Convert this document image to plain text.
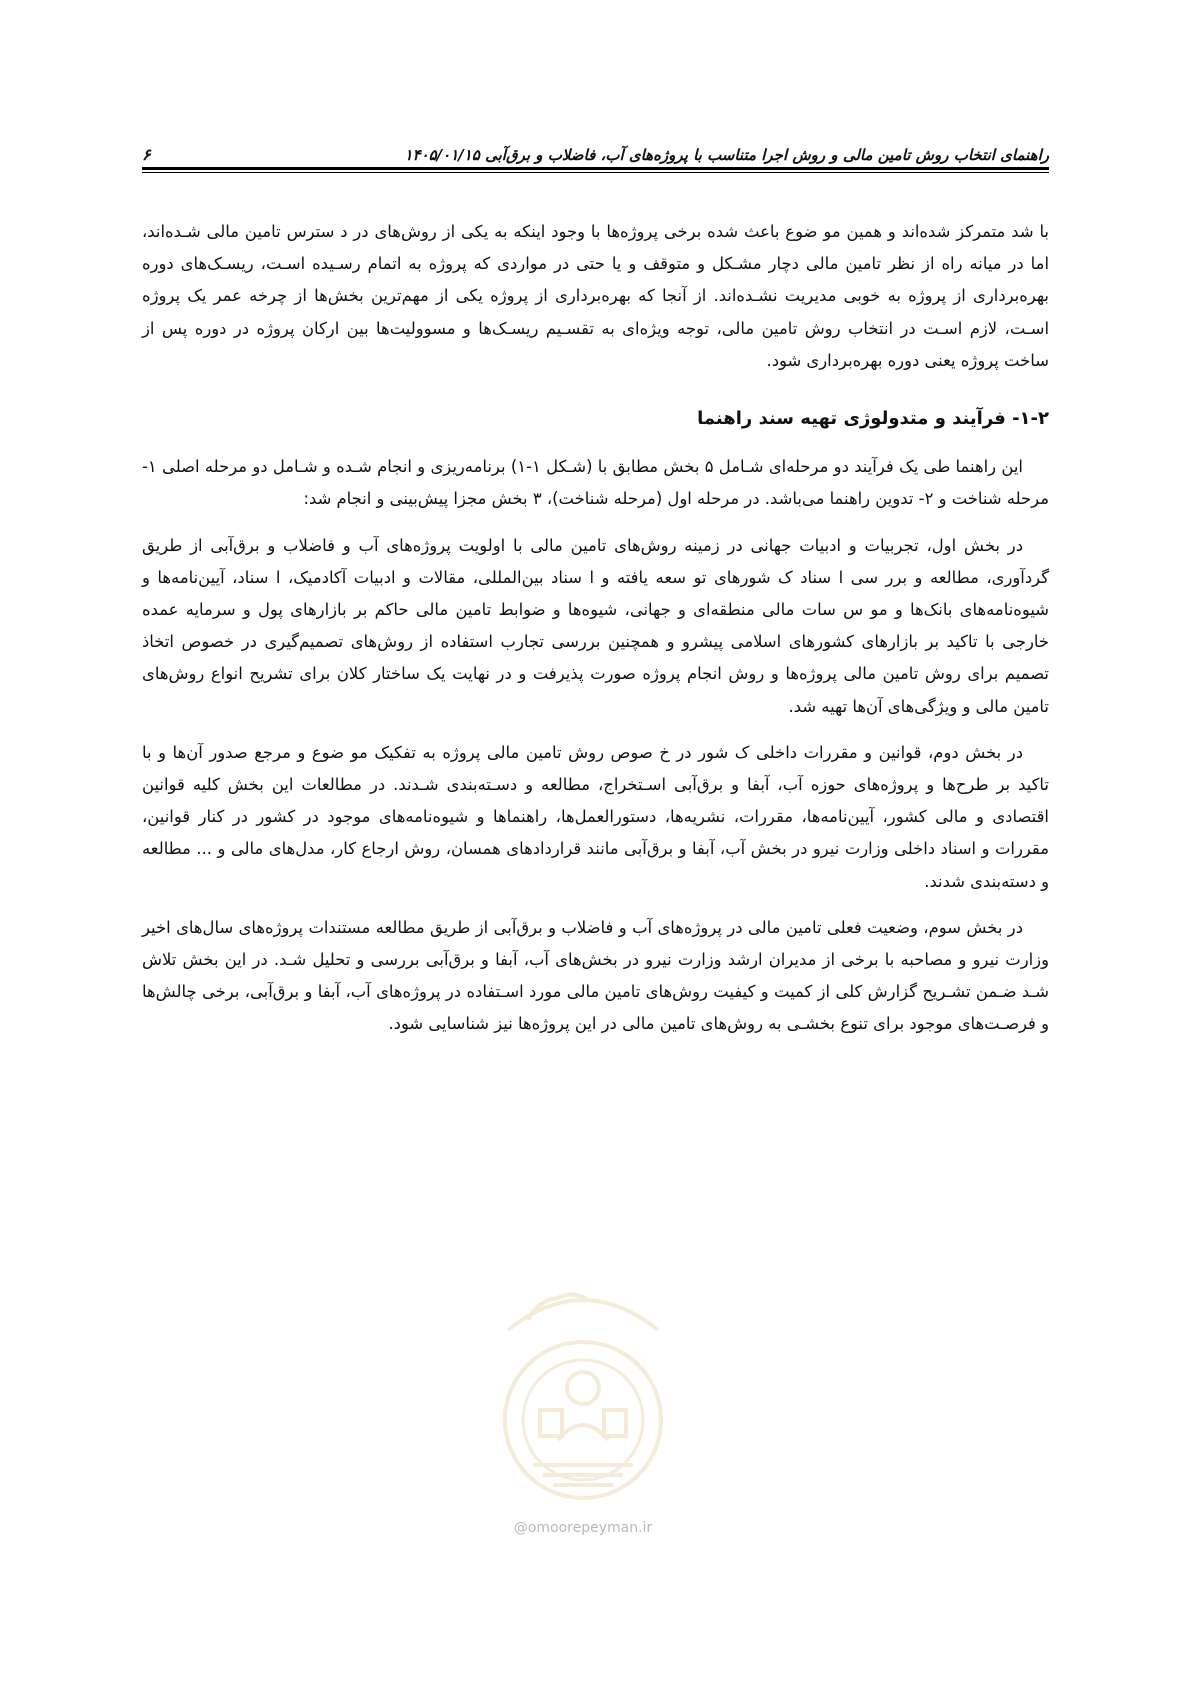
راهنمای انتخاب روش تامین مالی و روش اجرا متناسب با پروژه‌های آب، فاضلاب و برق‌آبی ۱۴۰۵/۰۱/۱۵
۶

با شد متمرکز شده‌اند و همین مو ضوع باعث شده برخی پروژه‌ها با وجود اینکه به یکی از روش‌های در د سترس تامین مالی شـده‌اند، اما در میانه راه از نظر تامین مالی دچار مشـکل و متوقف و یا حتی در مواردی که پروژه به اتمام رسـیده اسـت، ریسـک‌های دوره بهره‌برداری از پروژه به خوبی مدیریت نشـده‌اند. از آنجا که بهره‌برداری از پروژه یکی از مهم‌ترین بخش‌ها از چرخه عمر یک پروژه اسـت، لازم اسـت در انتخاب روش تامین مالی، توجه ویژه‌ای به تقسـیم ریسـک‌ها و مسوولیت‌ها بین ارکان پروژه در دوره پس از ساخت پروژه یعنی دوره بهره‌برداری شود.

۱-۲- فرآیند و متدولوژی تهیه سند راهنما

این راهنما طی یک فرآیند دو مرحله‌ای شـامل ۵ بخش مطابق با (شـکل ۱-۱) برنامه‌ریزی و انجام شـده و شـامل دو مرحله اصلی ۱- مرحله شناخت و ۲- تدوین راهنما می‌باشد. در مرحله اول (مرحله شناخت)، ۳ بخش مجزا پیش‌بینی و انجام شد:

در بخش اول، تجربیات و ادبیات جهانی در زمینه روش‌های تامین مالی با اولویت پروژه‌های آب و فاضلاب و برق‌آبی از طریق گردآوری، مطالعه و برر سی ا سناد ک شورهای تو سعه یافته و ا سناد بین‌المللی، مقالات و ادبیات آکادمیک، ا سناد، آیین‌نامه‌ها و شیوه‌نامه‌های بانک‌ها و مو س سات مالی منطقه‌ای و جهانی، شیوه‌ها و ضوابط تامین مالی حاکم بر بازارهای پول و سرمایه عمده خارجی با تاکید بر بازارهای کشورهای اسلامی پیشرو و همچنین بررسی تجارب استفاده از روش‌های تصمیم‌گیری در خصوص اتخاذ تصمیم برای روش تامین مالی پروژه‌ها و روش انجام پروژه صورت پذیرفت و در نهایت یک ساختار کلان برای تشریح انواع روش‌های تامین مالی و ویژگی‌های آن‌ها تهیه شد.

در بخش دوم، قوانین و مقررات داخلی ک شور در خ صوص روش تامین مالی پروژه به تفکیک مو ضوع و مرجع صدور آن‌ها و با تاکید بر طرح‌ها و پروژه‌های حوزه آب، آبفا و برق‌آبی اسـتخراج، مطالعه و دسـته‌بندی شـدند. در مطالعات این بخش کلیه قوانین اقتصادی و مالی کشور، آیین‌نامه‌ها، مقررات، نشریه‌ها، دستورالعمل‌ها، راهنماها و شیوه‌نامه‌های موجود در کشور در کنار قوانین، مقررات و اسناد داخلی وزارت نیرو در بخش آب، آبفا و برق‌آبی مانند قراردادهای همسان، روش ارجاع کار، مدل‌های مالی و ... مطالعه و دسته‌بندی شدند.

در بخش سوم، وضعیت فعلی تامین مالی در پروژه‌های آب و فاضلاب و برق‌آبی از طریق مطالعه مستندات پروژه‌های سال‌های اخیر وزارت نیرو و مصاحبه با برخی از مدیران ارشد وزارت نیرو در بخش‌های آب، آبفا و برق‌آبی بررسی و تحلیل شـد. در این بخش تلاش شـد ضـمن تشـریح گزارش کلی از کمیت و کیفیت روش‌های تامین مالی مورد اسـتفاده در پروژه‌های آب، آبفا و برق‌آبی، برخی چالش‌ها و فرصـت‌های موجود برای تنوع بخشـی به روش‌های تامین مالی در این پروژه‌ها نیز شناسایی شود.

@omoorepeyman.ir
